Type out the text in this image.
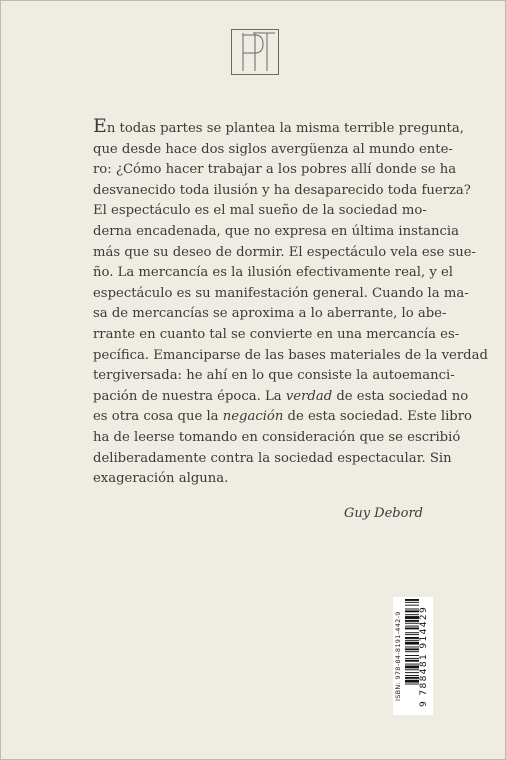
En todas partes se plantea la misma terrible pregunta,
que desde hace dos siglos avergüenza al mundo ente-
ro: ¿Cómo hacer trabajar a los pobres allí donde se ha
desvanecido toda ilusión y ha desaparecido toda fuerza?
El espectáculo es el mal sueño de la sociedad mo-
derna encadenada, que no expresa en última instancia
más que su deseo de dormir. El espectáculo vela ese sue-
ño. La mercancía es la ilusión efectivamente real, y el
espectáculo es su manifestación general. Cuando la ma-
sa de mercancías se aproxima a lo aberrante, lo abe-
rrante en cuanto tal se convierte en una mercancía es-
pecífica. Emanciparse de las bases materiales de la verdad
tergiversada: he ahí en lo que consiste la autoemanci-
pación de nuestra época. La verdad de esta sociedad no
es otra cosa que la negación de esta sociedad. Este libro
ha de leerse tomando en consideración que se escribió
deliberadamente contra la sociedad espectacular. Sin
exageración alguna.

Guy Debord
ISBN: 978-84-8191-442-9	9 788481 914429
